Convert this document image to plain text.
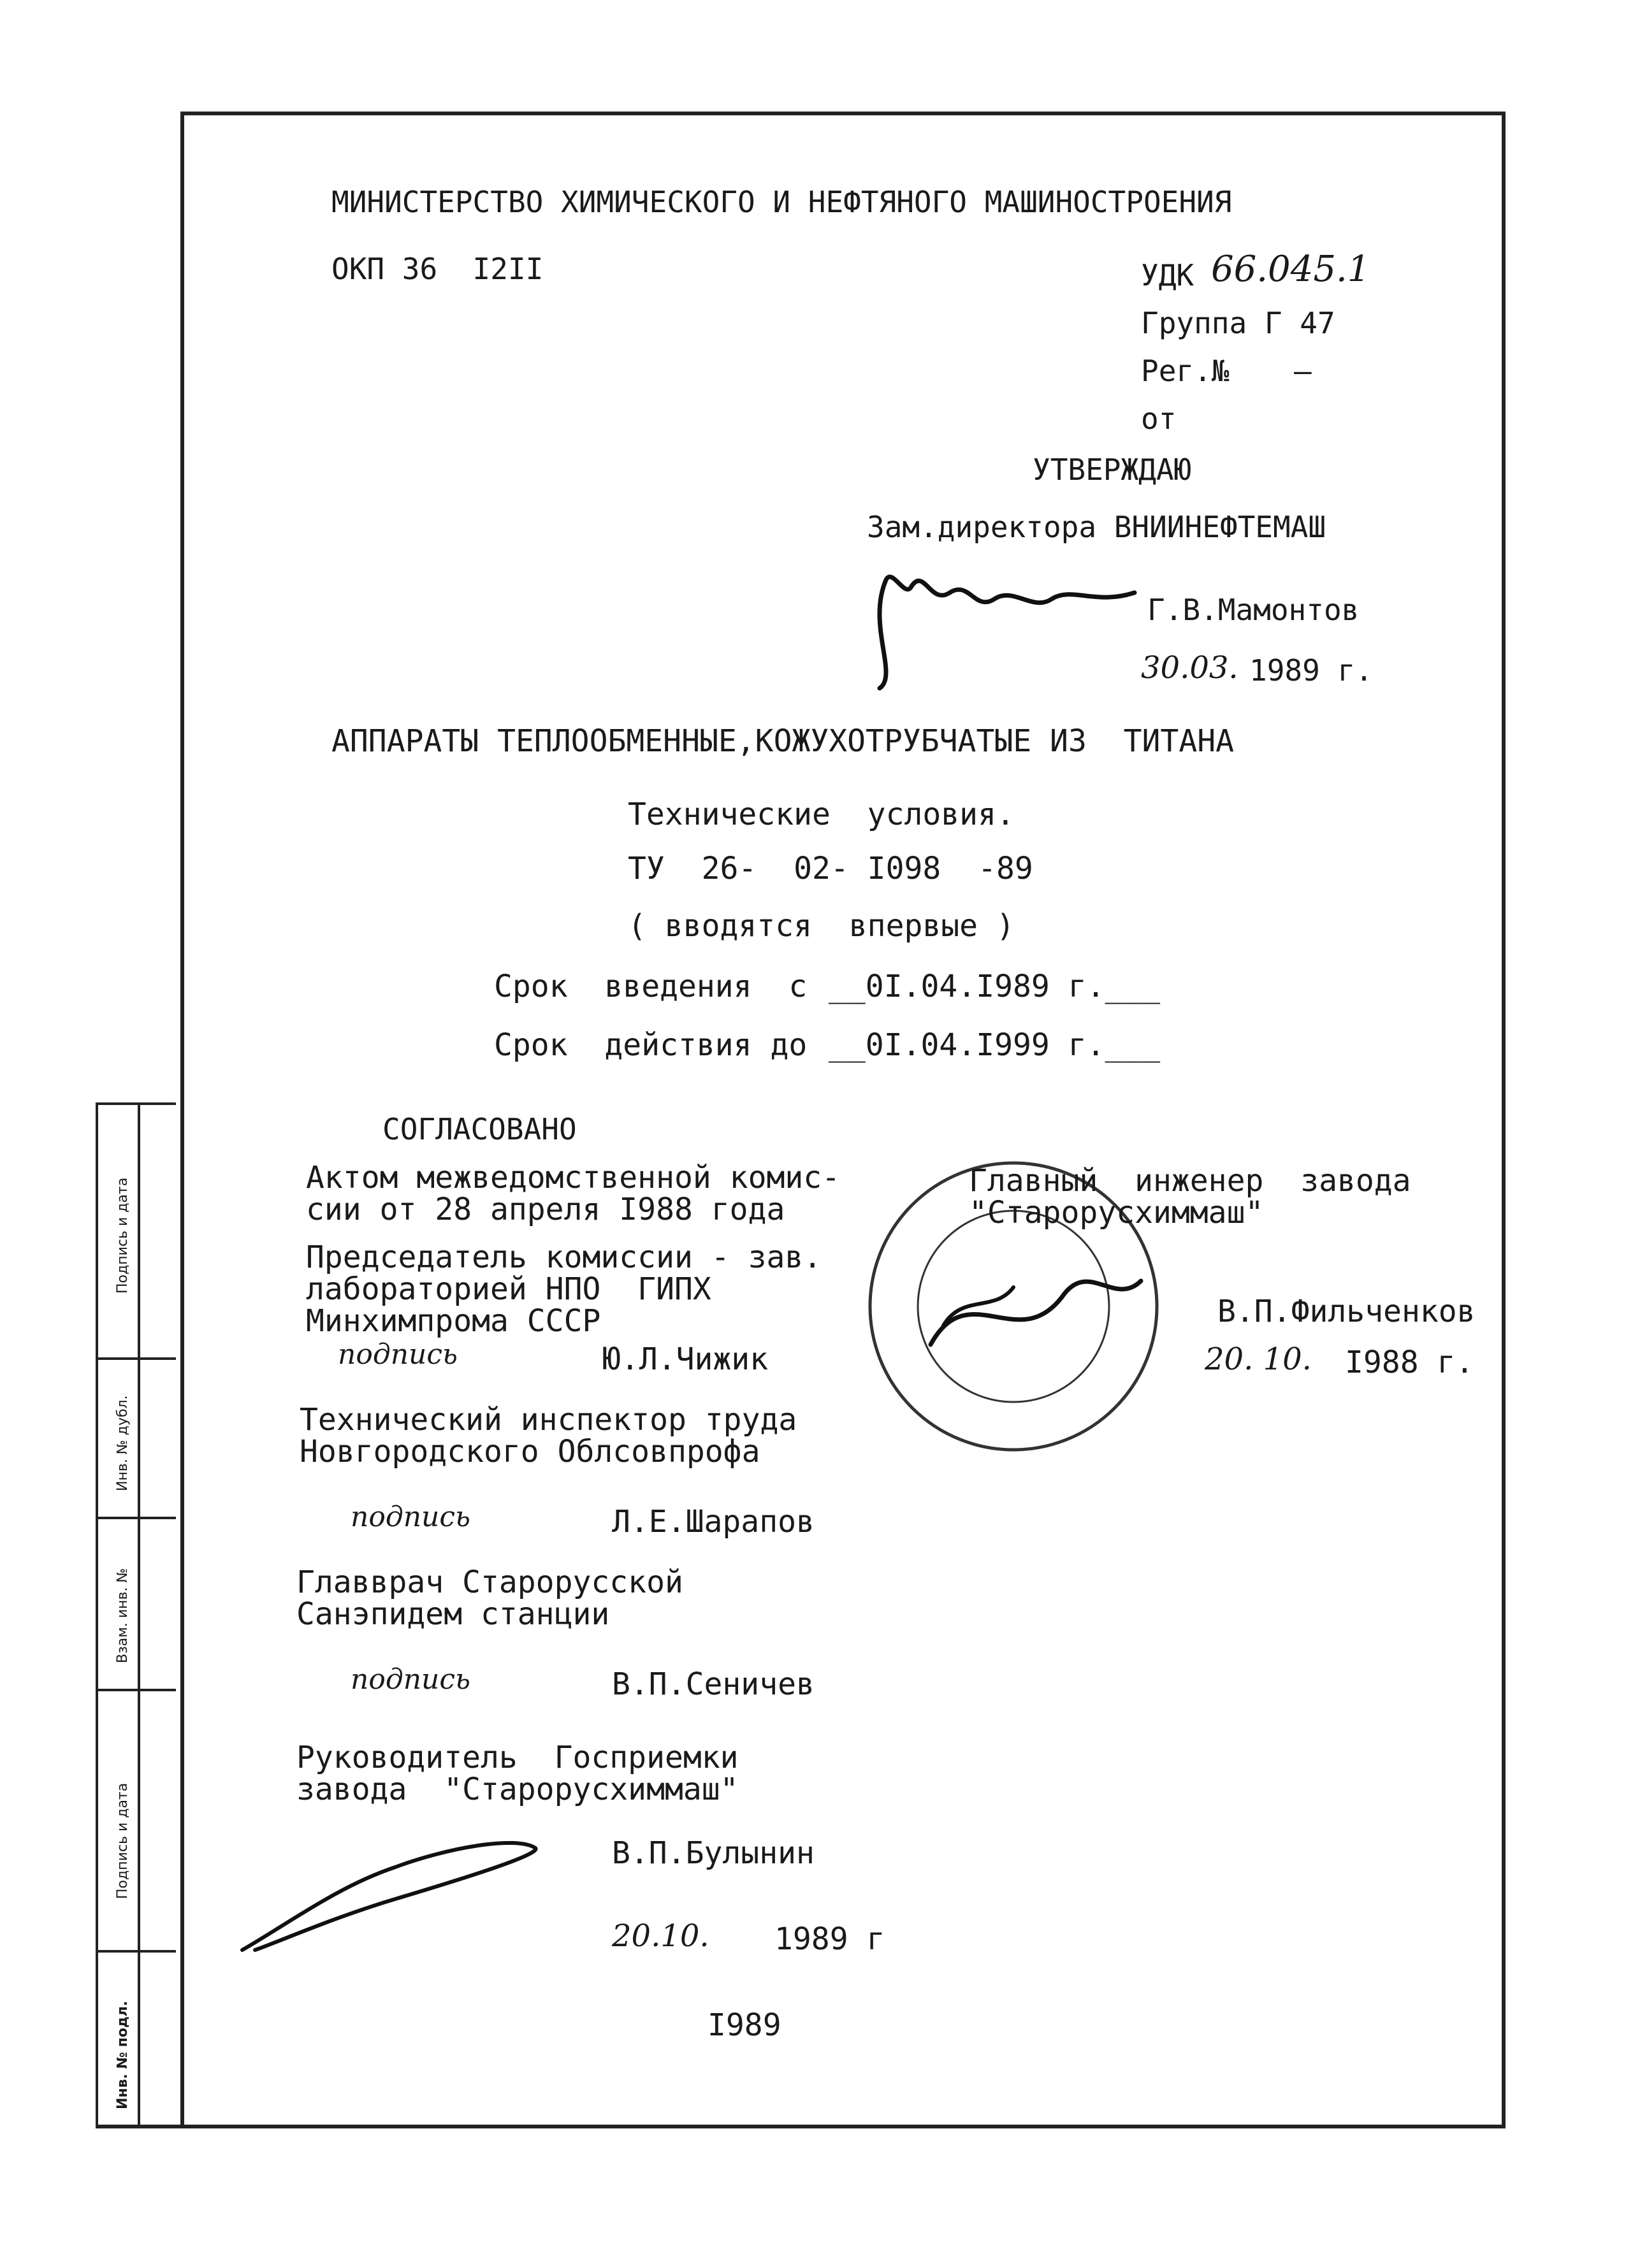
Подпись и дата
Инв. № дубл.
Взам. инв. №
Подпись и дата
Инв. № подл.
МИНИСТЕРСТВО ХИМИЧЕСКОГО И НЕФТЯНОГО МАШИНОСТРОЕНИЯ
ОКП 36  I2II	УДК 66.045.1
Группа Г 47
Рег.№ —
от
УТВЕРЖДАЮ
Зам.директора ВНИИНЕФТЕМАШ
Г.В.Мамонтов
30.03. 1989 г.
АППАРАТЫ ТЕПЛООБМЕННЫЕ,КОЖУХОТРУБЧАТЫЕ ИЗ  ТИТАНА
Технические  условия.
ТУ  26-  02- I098  -89
( вводятся  впервые )
Срок  введения  с __0I.04.I989 г.___
Срок  действия до __0I.04.I999 г.___
СОГЛАСОВАНО
Актом межведомственной комис-
сии от 28 апреля I988 года
Председатель комиссии - зав.
лабораторией НПО  ГИПХ
Минхимпрома СССР
подпись	Ю.Л.Чижик
Технический инспектор труда
Новгородского Облсовпрофа
подпись	Л.Е.Шарапов
Главврач Старорусской
Санэпидем станции
подпись	В.П.Сеничев
Руководитель  Госприемки
завода  "Старорусхиммаш"
В.П.Булынин
20.10. 1989 г
Главный  инженер  завода
"Старорусхиммаш"
В.П.Фильченков
20. 10. I988 г.
I989
